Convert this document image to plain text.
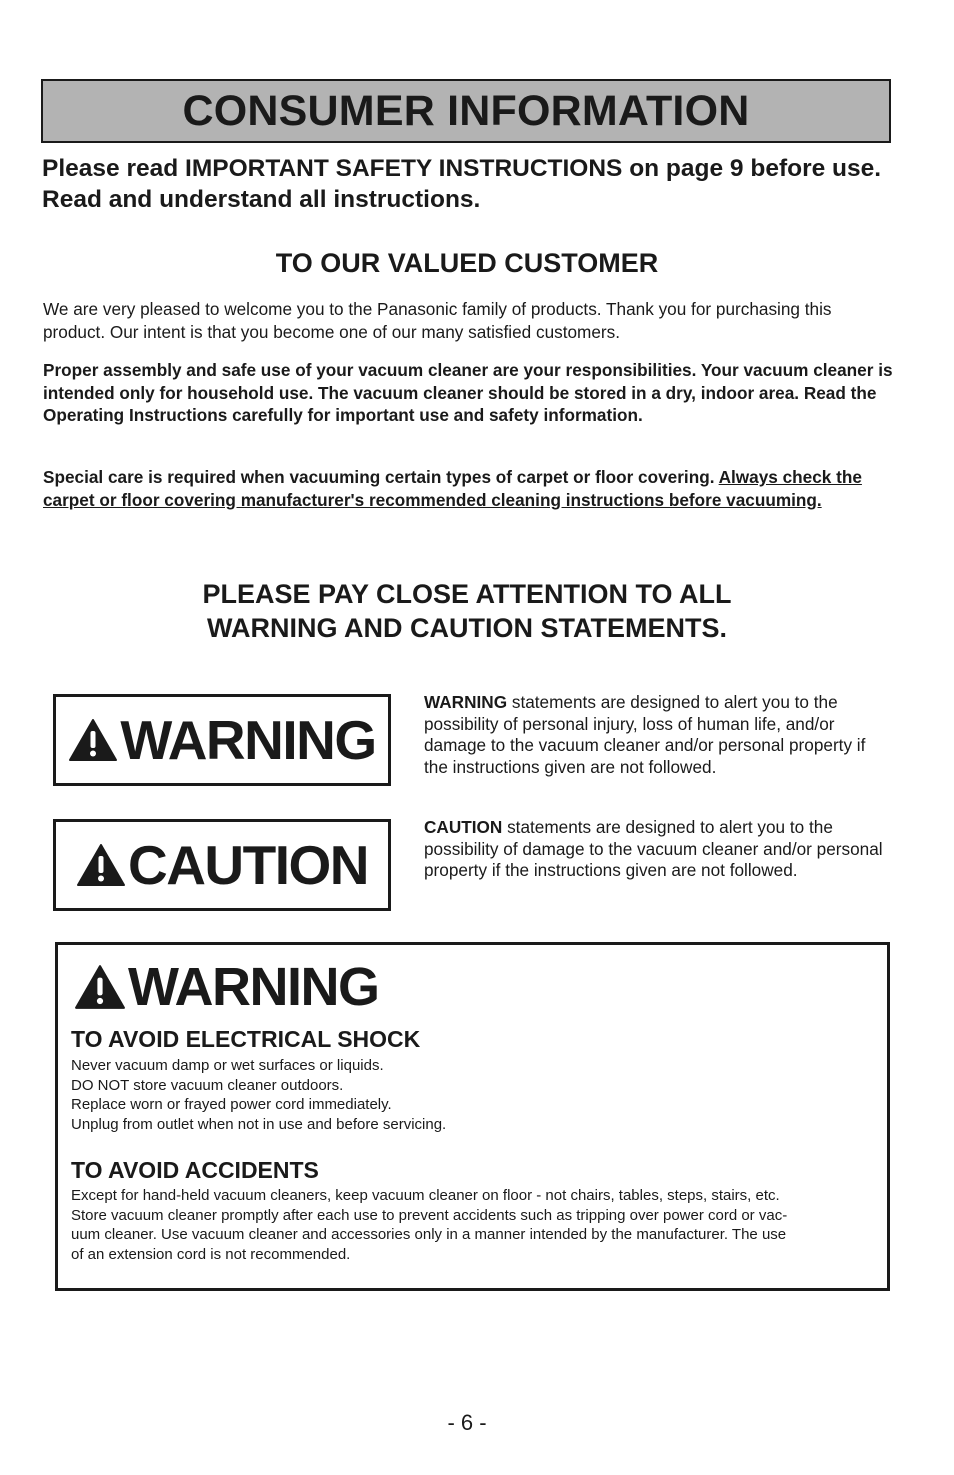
CONSUMER INFORMATION
Please read IMPORTANT SAFETY INSTRUCTIONS on page 9 before use. Read and understand all instructions.
TO OUR VALUED CUSTOMER
We are very pleased to welcome you to the Panasonic family of products. Thank you for purchasing this product. Our intent is that you become one of our many satisfied customers.
Proper assembly and safe use of your vacuum cleaner are your responsibilities. Your vacuum cleaner is intended only for household use. The vacuum cleaner should be stored in a dry, indoor area. Read the Operating Instructions carefully for important use and safety information.
Special care is required when vacuuming certain types of carpet or floor covering. Always check the carpet or floor covering manufacturer's recommended cleaning instructions before vacuuming.
PLEASE PAY CLOSE ATTENTION TO ALL
WARNING AND CAUTION STATEMENTS.
WARNING
WARNING statements are designed to alert you to the possibility of personal injury, loss of human life, and/or damage to the vacuum cleaner and/or personal property if the instructions given are not followed.
CAUTION
CAUTION statements are designed to alert you to the possibility of damage to the vacuum cleaner and/or personal property if the instructions given are not followed.
WARNING
TO AVOID ELECTRICAL SHOCK
Never vacuum damp or wet surfaces or liquids.
DO NOT store vacuum cleaner outdoors.
Replace worn or frayed power cord immediately.
Unplug from outlet when not in use and before servicing.
TO AVOID ACCIDENTS
Except for hand-held vacuum cleaners, keep vacuum cleaner on floor - not chairs, tables, steps, stairs, etc.
Store vacuum cleaner promptly after each use to prevent accidents such as tripping over power cord or vac-
uum cleaner. Use vacuum cleaner and accessories only in a manner intended by the manufacturer. The use
of an extension cord is not recommended.
- 6 -
